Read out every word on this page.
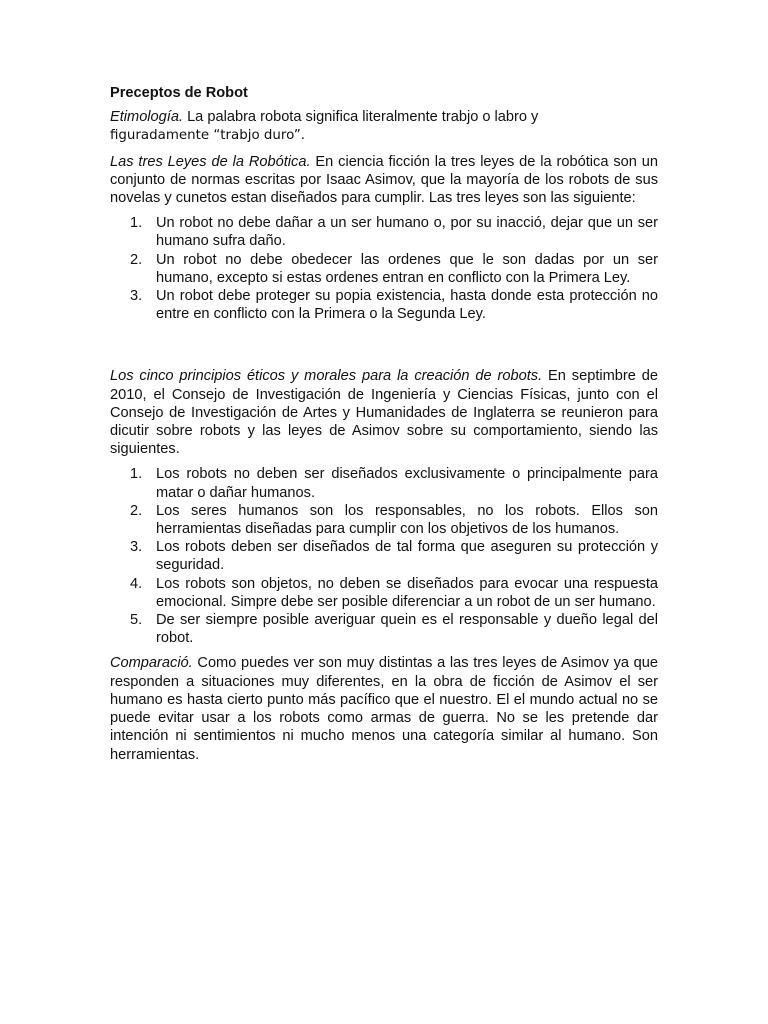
Preceptos de Robot

Etimología. La palabra robota significa literalmente trabjo o labro y
figuradamente “trabjo duro”.

Las tres Leyes de la Robótica. En ciencia ficción la tres leyes de la robótica son un conjunto de normas escritas por Isaac Asimov, que la mayoría de los robots de sus novelas y cunetos estan diseñados para cumplir. Las tres leyes son las siguiente:

1. Un robot no debe dañar a un ser humano o, por su inacció, dejar que un ser humano sufra daño.
2. Un robot no debe obedecer las ordenes que le son dadas por un ser humano, excepto si estas ordenes entran en conflicto con la Primera Ley.
3. Un robot debe proteger su popia existencia, hasta donde esta protección no entre en conflicto con la Primera o la Segunda Ley.

Los cinco principios éticos y morales para la creación de robots. En septimbre de 2010, el Consejo de Investigación de Ingeniería y Ciencias Físicas, junto con el Consejo de Investigación de Artes y Humanidades de Inglaterra se reunieron para dicutir sobre robots y las leyes de Asimov sobre su comportamiento, siendo las siguientes.

1. Los robots no deben ser diseñados exclusivamente o principalmente para matar o dañar humanos.
2. Los seres humanos son los responsables, no los robots. Ellos son herramientas diseñadas para cumplir con los objetivos de los humanos.
3. Los robots deben ser diseñados de tal forma que aseguren su protección y seguridad.
4. Los robots son objetos, no deben se diseñados para evocar una respuesta emocional. Simpre debe ser posible diferenciar a un robot de un ser humano.
5. De ser siempre posible averiguar quein es el responsable y dueño legal del robot.

Comparació. Como puedes ver son muy distintas a las tres leyes de Asimov ya que responden a situaciones muy diferentes, en la obra de ficción de Asimov el ser humano es hasta cierto punto más pacífico que el nuestro. El el mundo actual no se puede evitar usar a los robots como armas de guerra. No se les pretende dar intención ni sentimientos ni mucho menos una categoría similar al humano. Son herramientas.
